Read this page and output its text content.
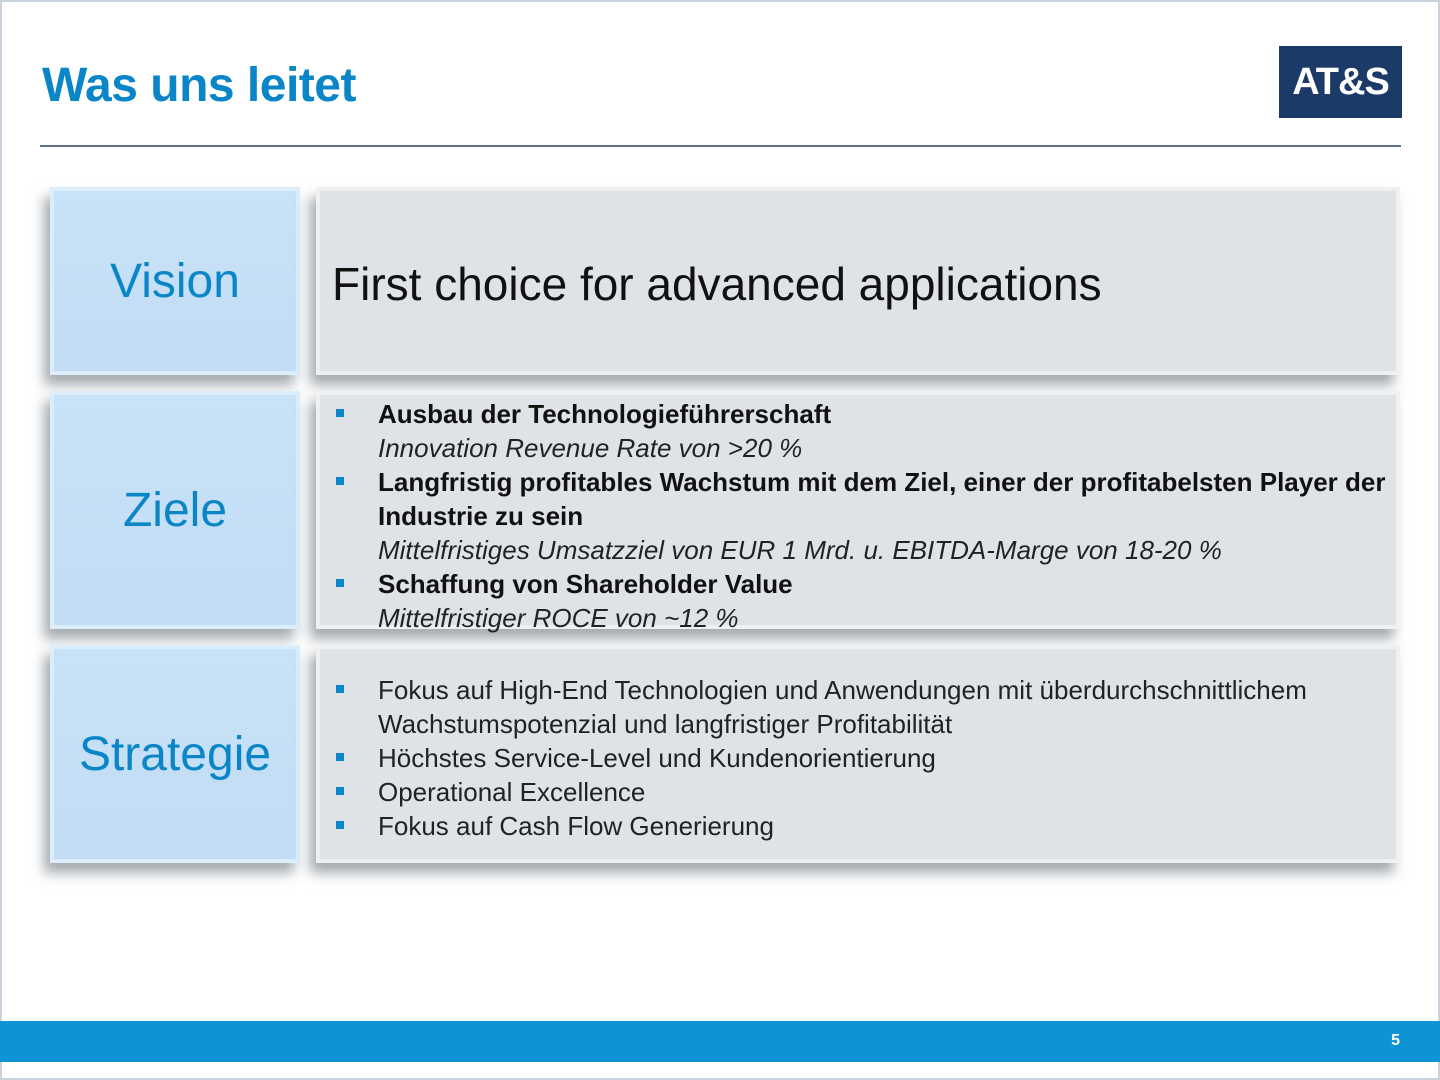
Was uns leitet	AT&S
Vision First choice for advanced applications
Ziele
Ausbau der Technologieführerschaft
Innovation Revenue Rate von >20 %
Langfristig profitables Wachstum mit dem Ziel, einer der profitabelsten Player der Industrie zu sein
Mittelfristiges Umsatzziel von EUR 1 Mrd. u. EBITDA-Marge von 18-20 %
Schaffung von Shareholder Value
Mittelfristiger ROCE von ~12 %
Strategie
Fokus auf High-End Technologien und Anwendungen mit überdurchschnittlichem Wachstumspotenzial und langfristiger Profitabilität
Höchstes Service-Level und Kundenorientierung
Operational Excellence
Fokus auf Cash Flow Generierung
5
